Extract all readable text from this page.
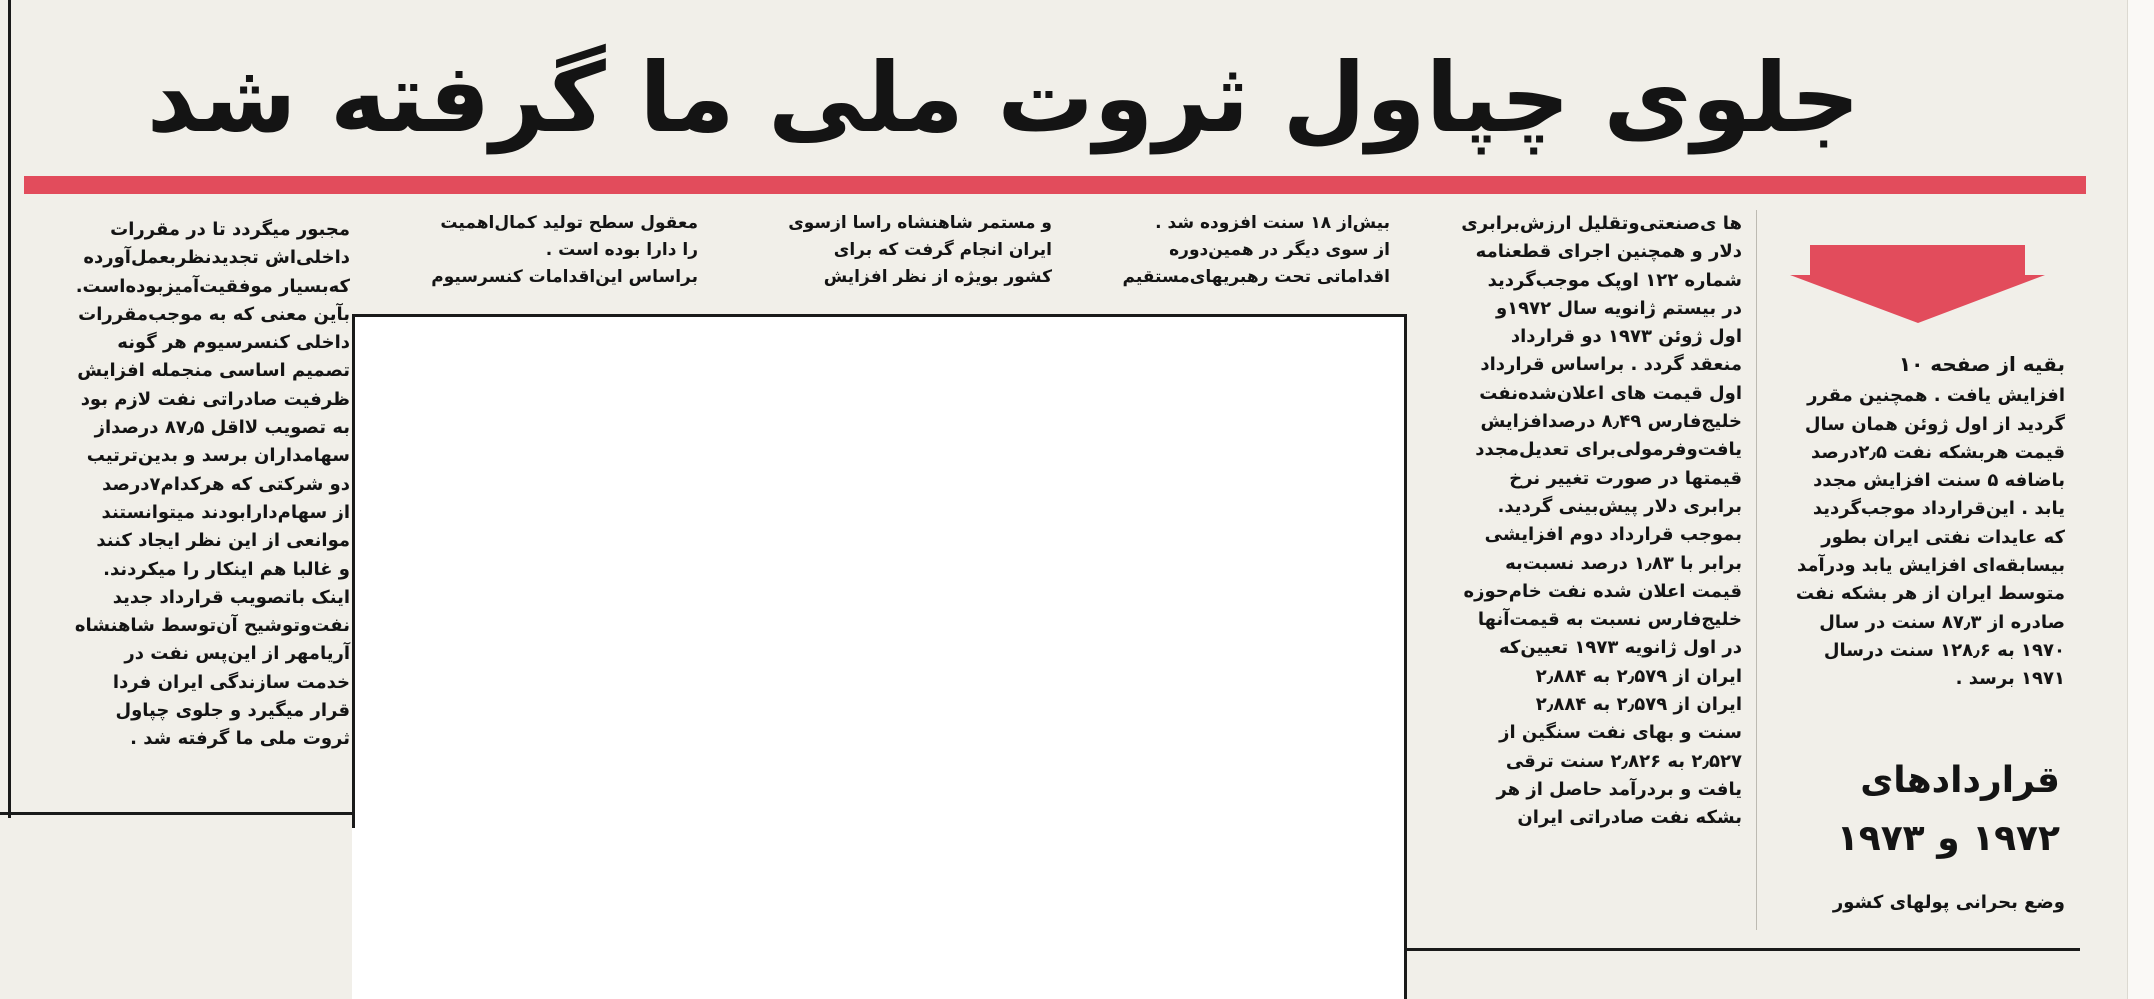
جلوی چپاول ثروت ملی ما گرفته شد

بقیه از صفحه ۱۰

افزایش یافت . همچنین مقرر

گردید از اول ژوئن همان سال

قیمت هربشکه نفت ۲٫۵درصد

باضافه ۵ سنت افزایش مجدد

یابد . این‌قرارداد موجب‌گردید

که عایدات نفتی ایران بطور

بیسابقه‌ای افزایش یابد ودرآمد

متوسط ایران از هر بشکه نفت

صادره از ۸۷٫۳ سنت در سال

۱۹۷۰ به ۱۲۸٫۶ سنت درسال

۱۹۷۱ برسد .

قراردادهای ۱۹۷۲ و ۱۹۷۳

وضع بحرانی پولهای کشور

ها ی‌صنعتی‌وتقلیل ارزش‌برابری

دلار و همچنین اجرای قطعنامه

شماره ۱۲۲ اوپک موجب‌گردید

در بیستم ژانویه سال ۱۹۷۲و

اول ژوئن ۱۹۷۳ دو قرارداد

منعقد گردد . براساس قرارداد

اول قیمت های اعلان‌شده‌نفت

خلیج‌فارس ۸٫۴۹ درصدافزایش

یافت‌وفرمولی‌برای تعدیل‌مجدد

قیمتها در صورت تغییر نرخ

برابری دلار پیش‌بینی گردید.

بموجب قرارداد دوم افزایشی

برابر با ۱٫۸۳ درصد نسبت‌به

قیمت اعلان شده نفت خام‌حوزه

خلیج‌فارس نسبت به قیمت‌آنها

در اول ژانویه ۱۹۷۳ تعیین‌که

ایران از ۲٫۵۷۹ به ۲٫۸۸۴

ایران از ۲٫۵۷۹ به ۲٫۸۸۴

سنت و بهای نفت سنگین از

۲٫۵۲۷ به ۲٫۸۲۶ سنت ترقی

یافت و بردرآمد حاصل از هر

بشکه نفت صادراتی ایران

بیش‌از ۱۸ سنت افزوده شد .

از سوی دیگر در همین‌دوره

اقداماتی تحت رهبریهای‌مستقیم

و مستمر شاهنشاه راسا ازسوی

ایران انجام گرفت که برای

کشور بویژه از نظر افزایش

معقول سطح تولید کمال‌اهمیت

را دارا بوده است .

براساس این‌اقدامات کنسرسیوم

مجبور میگردد تا در مقررات

داخلی‌اش تجدیدنظربعمل‌آورده

که‌بسیار موفقیت‌آمیزبوده‌است.

بآین معنی که به موجب‌مقررات

داخلی کنسرسیوم هر گونه

تصمیم اساسی منجمله افزایش

ظرفیت صادراتی نفت لازم بود

به تصویب لااقل ۸۷٫۵ درصداز

سهامداران برسد و بدین‌ترتیب

دو شرکتی که هرکدام۷درصد

از سهام‌دارابودند میتوانستند

موانعی از این نظر ایجاد کنند

و غالبا هم اینکار را میکردند.

اینک باتصویب قرارداد جدید

نفت‌وتوشیح آن‌توسط شاهنشاه

آریامهر از این‌پس نفت در

خدمت سازندگی ایران فردا

قرار میگیرد و جلوی چپاول

ثروت ملی ما گرفته شد .
